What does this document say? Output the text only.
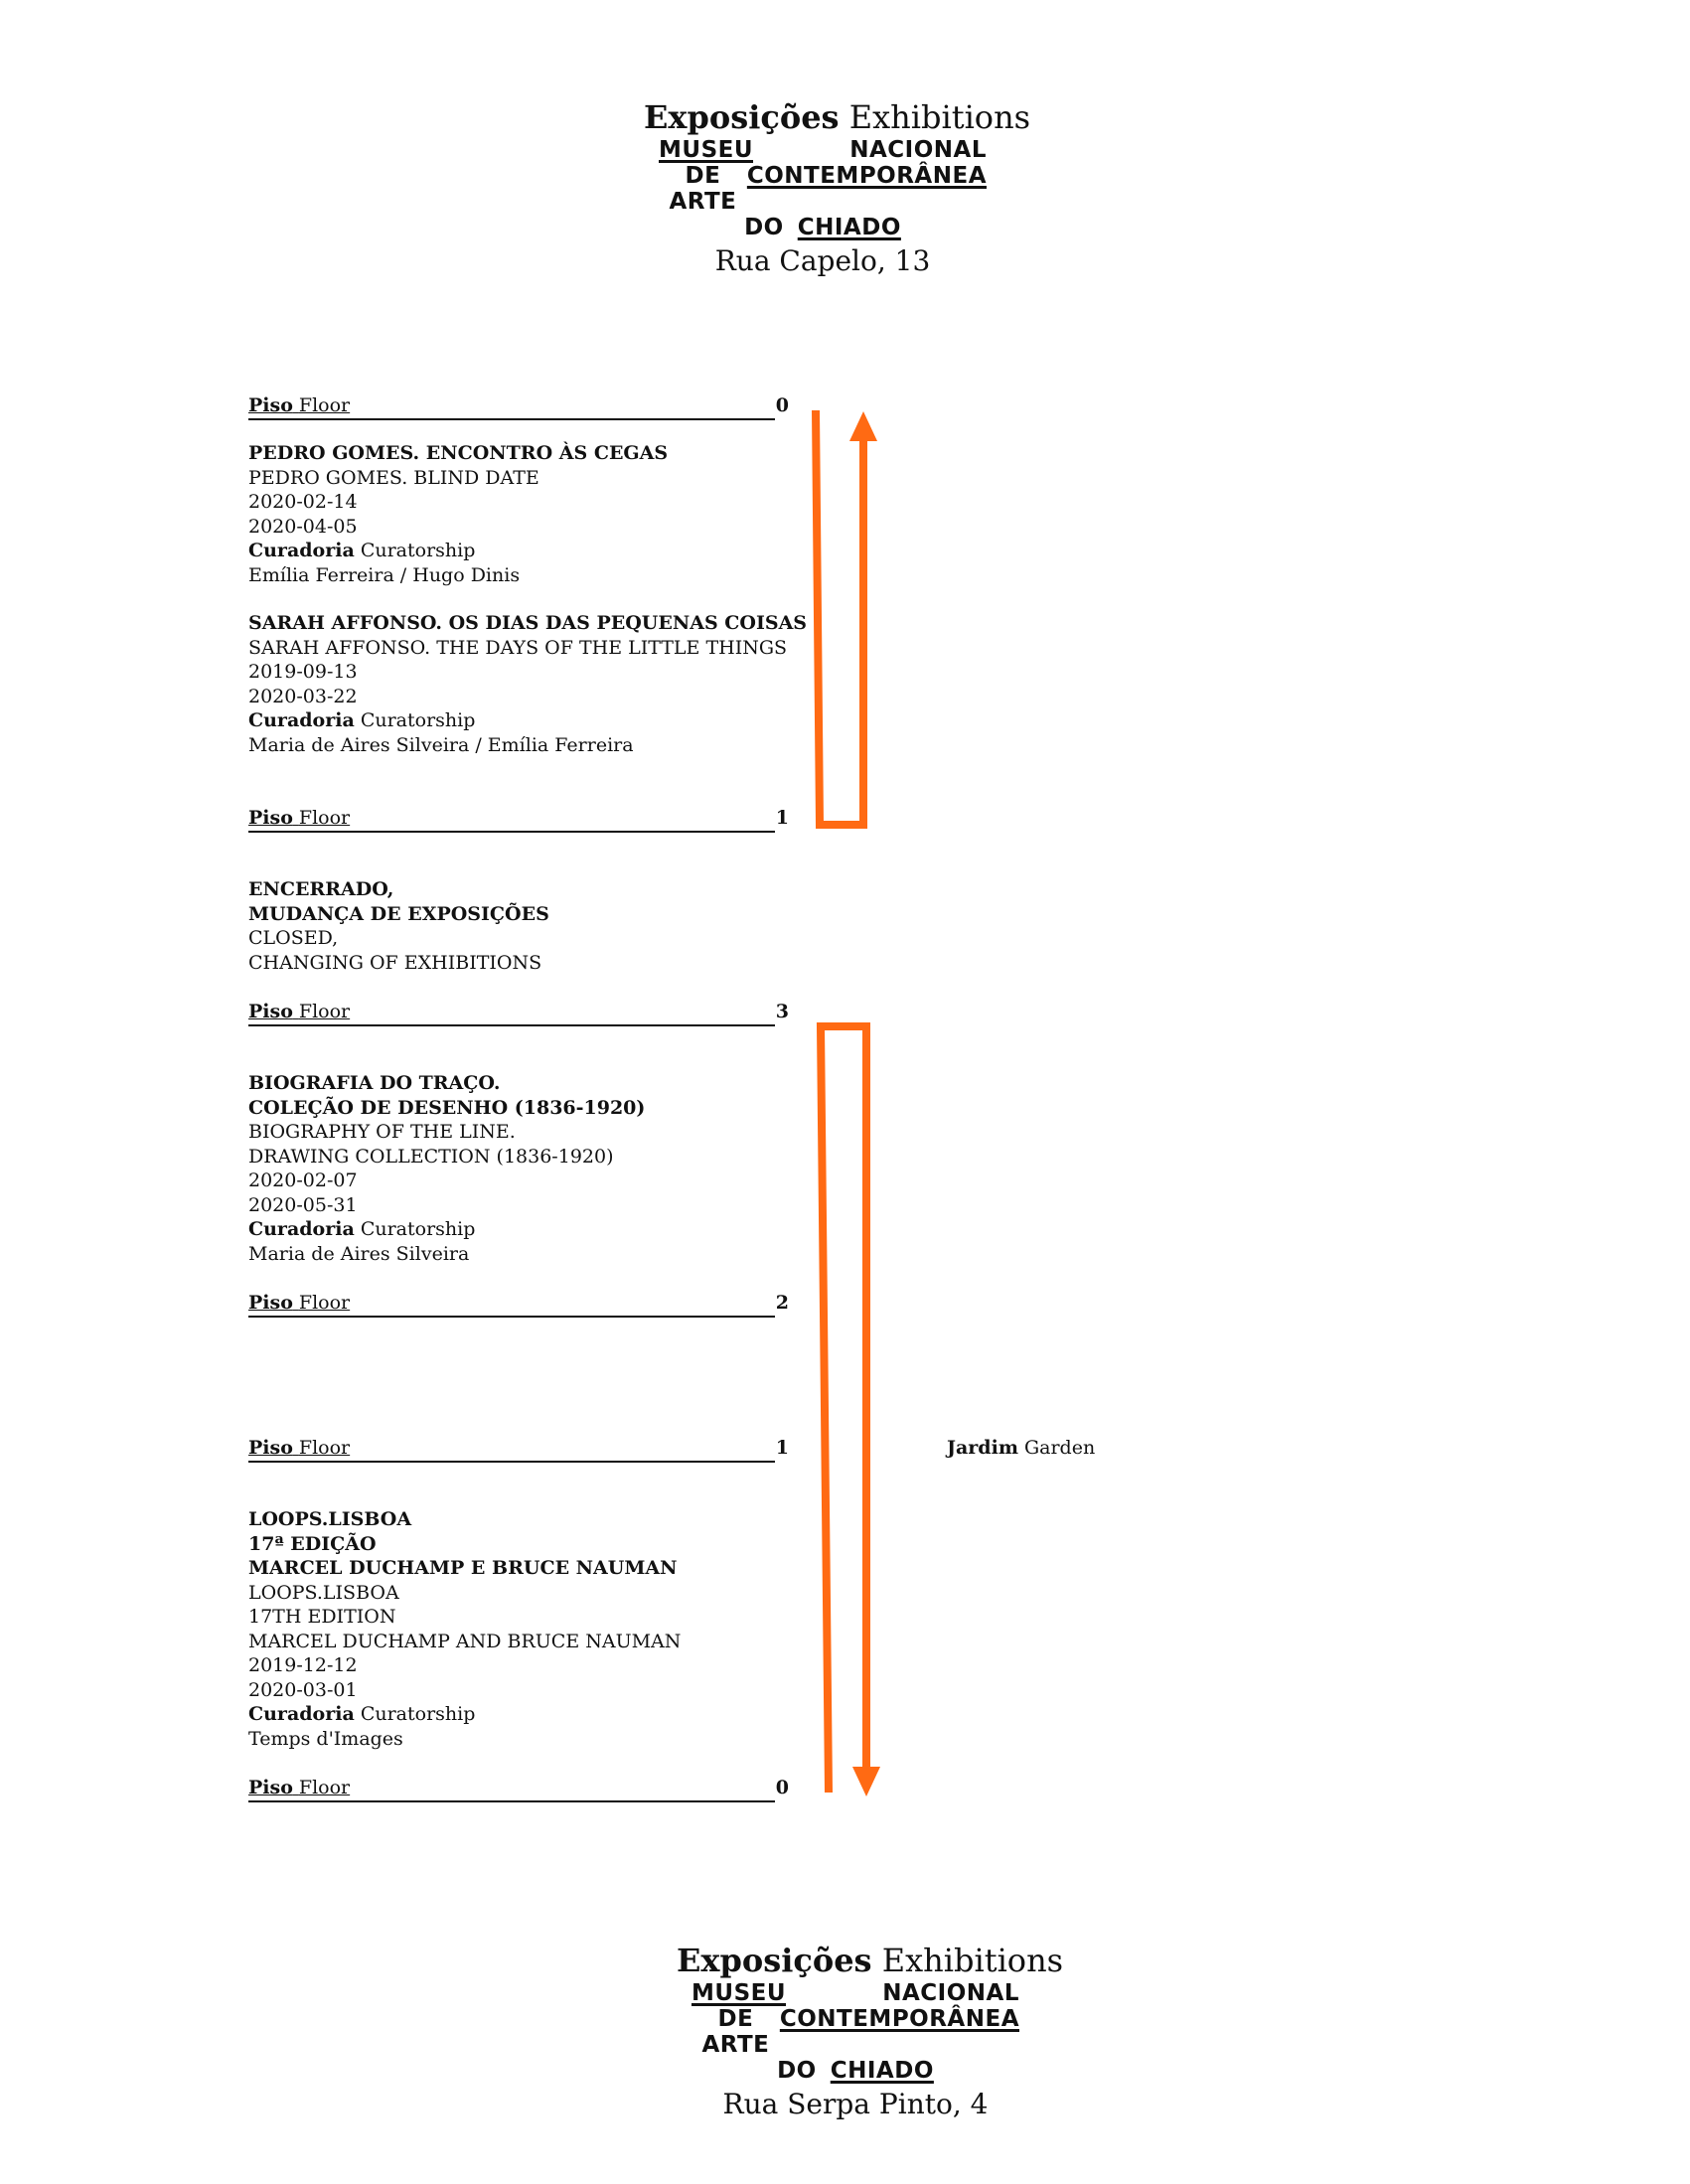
Exposições Exhibitions
MUSEU	NACIONAL
DE ARTE
CONTEMPORÂNEA
DO CHIADO
Rua Capelo, 13
Piso Floor	0
PEDRO GOMES. ENCONTRO ÀS CEGAS
PEDRO GOMES. BLIND DATE
2020-02-14
2020-04-05
Curadoria Curatorship
Emília Ferreira / Hugo Dinis
SARAH AFFONSO. OS DIAS DAS PEQUENAS COISAS
SARAH AFFONSO. THE DAYS OF THE LITTLE THINGS
2019-09-13
2020-03-22
Curadoria Curatorship
Maria de Aires Silveira / Emília Ferreira
Piso Floor	1
ENCERRADO,
MUDANÇA DE EXPOSIÇÕES
CLOSED,
CHANGING OF EXHIBITIONS
Piso Floor	3
BIOGRAFIA DO TRAÇO.
COLEÇÃO DE DESENHO (1836-1920)
BIOGRAPHY OF THE LINE.
DRAWING COLLECTION (1836-1920)
2020-02-07
2020-05-31
Curadoria Curatorship
Maria de Aires Silveira
Piso Floor	2
Piso Floor	1	Jardim Garden
LOOPS.LISBOA
17ª EDIÇÃO
MARCEL DUCHAMP E BRUCE NAUMAN
LOOPS.LISBOA
17TH EDITION
MARCEL DUCHAMP AND BRUCE NAUMAN
2019-12-12
2020-03-01
Curadoria Curatorship
Temps d'Images
Piso Floor	0
Exposições Exhibitions
MUSEU	NACIONAL
DE ARTE
CONTEMPORÂNEA
DO CHIADO
Rua Serpa Pinto, 4
